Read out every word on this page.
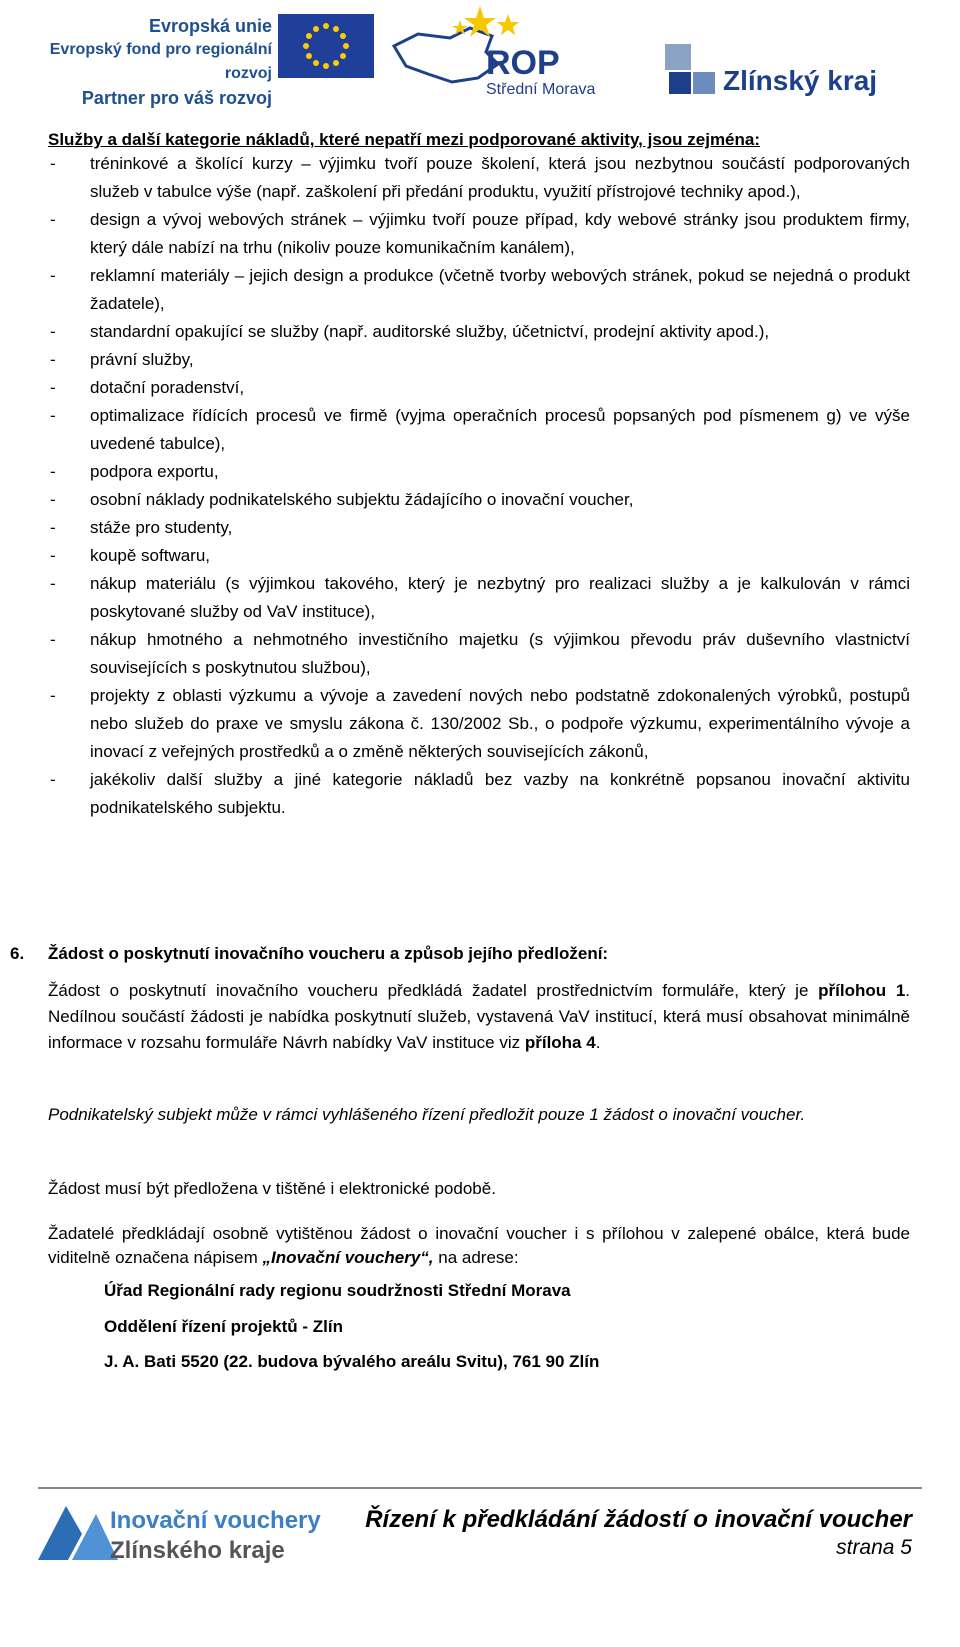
Evropská unie
Evropský fond pro regionální rozvoj
Partner pro váš rozvoj
ROP
Střední Morava	Zlínský kraj
Služby a další kategorie nákladů, které nepatří mezi podporované aktivity, jsou zejména:
-	tréninkové a školící kurzy – výjimku tvoří pouze školení, která jsou nezbytnou součástí podporovaných služeb v tabulce výše (např. zaškolení při předání produktu, využití přístrojové techniky apod.),
-	design a vývoj webových stránek – výjimku tvoří pouze případ, kdy webové stránky jsou produktem firmy, který dále nabízí na trhu (nikoliv pouze komunikačním kanálem),
-	reklamní materiály – jejich design a produkce (včetně tvorby webových stránek, pokud se nejedná o produkt žadatele),
-	standardní opakující se služby (např. auditorské služby, účetnictví, prodejní aktivity apod.),
-	právní služby,
-	dotační poradenství,
-	optimalizace řídících procesů ve firmě (vyjma operačních procesů popsaných pod písmenem g) ve výše uvedené tabulce),
-	podpora exportu,
-	osobní náklady podnikatelského subjektu žádajícího o inovační voucher,
-	stáže pro studenty,
-	koupě softwaru,
-	nákup materiálu (s výjimkou takového, který je nezbytný pro realizaci služby a je kalkulován v rámci poskytované služby od VaV instituce),
-	nákup hmotného a nehmotného investičního majetku (s výjimkou převodu práv duševního vlastnictví souvisejících s poskytnutou službou),
-	projekty z oblasti výzkumu a vývoje a zavedení nových nebo podstatně zdokonalených výrobků, postupů nebo služeb do praxe ve smyslu zákona č. 130/2002 Sb., o podpoře výzkumu, experimentálního vývoje a inovací z veřejných prostředků a o změně některých souvisejících zákonů,
-	jakékoliv další služby a jiné kategorie nákladů bez vazby na konkrétně popsanou inovační aktivitu podnikatelského subjektu.
6. Žádost o poskytnutí inovačního voucheru a způsob jejího předložení:
Žádost o poskytnutí inovačního voucheru předkládá žadatel prostřednictvím formuláře, který je přílohou 1. Nedílnou součástí žádosti je nabídka poskytnutí služeb, vystavená VaV institucí, která musí obsahovat minimálně informace v rozsahu formuláře Návrh nabídky VaV instituce viz příloha 4.
Podnikatelský subjekt může v rámci vyhlášeného řízení předložit pouze 1 žádost o inovační voucher.
Žádost musí být předložena v tištěné i elektronické podobě.
Žadatelé předkládají osobně vytištěnou žádost o inovační voucher i s přílohou v zalepené obálce, která bude viditelně označena nápisem „Inovační vouchery“, na adrese:
Úřad Regionální rady regionu soudržnosti Střední Morava
Oddělení řízení projektů - Zlín
J. A. Bati 5520 (22. budova bývalého areálu Svitu), 761 90 Zlín
Inovační vouchery
Zlínského kraje
Řízení k předkládání žádostí o inovační voucher
strana 5
